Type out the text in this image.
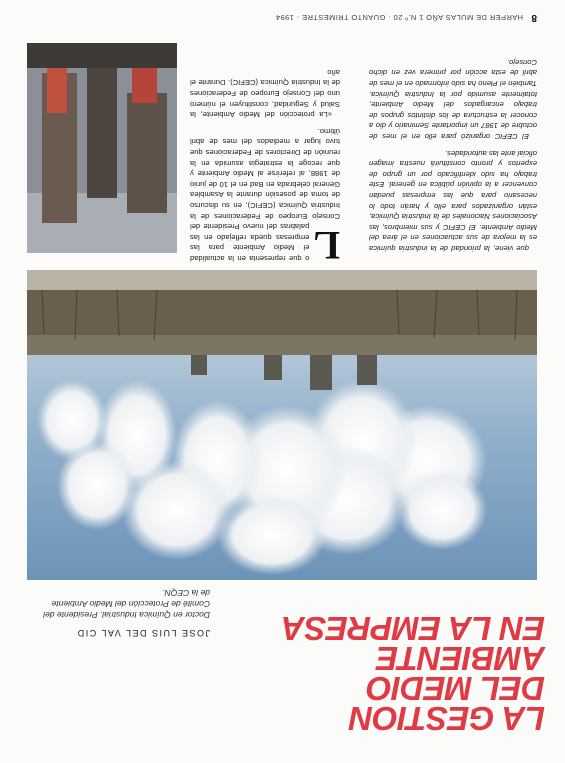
8
HARPER DE MULAS AÑO 1 N.º 20 · GUANTO TRIMESTRE · 1994
LA GESTION
DEL MEDIO AMBIENTE
EN LA EMPRESA
JOSE LUIS DEL VAL CID
Doctor en Química Industrial. Presidente del Comité de Protección del Medio Ambiente de la CEQN.

L
o que representa en la actualidad el Medio Ambiente para las empresas queda reflejado en las palabras del nuevo Presidente del Consejo Europeo de Federaciones de la Industria Química (CEFIC), en su discurso de toma de posesión durante la Asamblea General celebrada en Bad en el 10 de junio de 1988, al referirse al Medio Ambiente y que recoge la estrategia asumida en la reunión de Directores de Federaciones que tuvo lugar a mediados del mes de abril último.

«La protección del Medio Ambiente, la Salud y Seguridad, constituyen el número uno del Consejo Europeo de Federaciones de la Industria Química (CEFIC). Durante el año

que viene, la prioridad de la industria química es la mejora de sus actuaciones en el área del Medio Ambiente. El CEFIC y sus miembros, las Asociaciones Nacionales de la Industria Química, están organizados para ello y harán todo lo necesario para que las empresas puedan convencer a la opinión pública en general. Este trabajo ha sido identificado por un grupo de expertos y pronto constituirá nuestra imagen oficial ante las autoridades.

El CEFIC organizó para ello en el mes de octubre de 1987 un importante Seminario y dio a conocer la estructura de los distintos grupos de trabajo encargados del Medio Ambiente, totalmente asumido por la Industria Química. También el Pleno ha sido informado en el mes de abril de esta acción por primera vez en dicho Consejo.
